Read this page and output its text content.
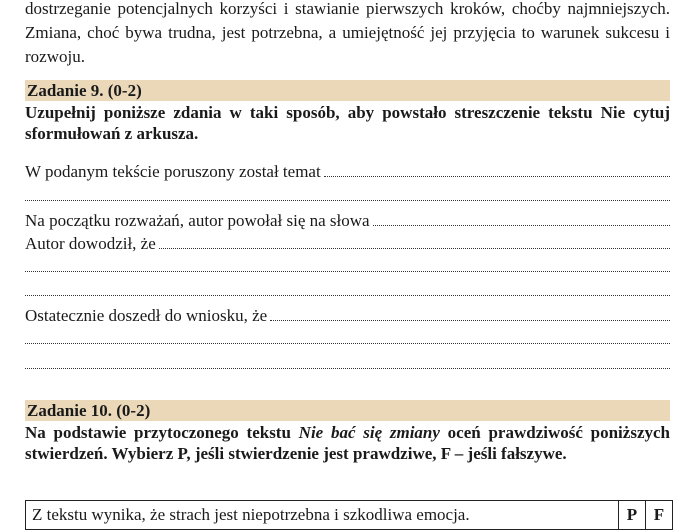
dostrzeganie potencjalnych korzyści i stawianie pierwszych kroków, choćby najmniejszych. Zmiana, choć bywa trudna, jest potrzebna, a umiejętność jej przyjęcia to warunek sukcesu i rozwoju.
Zadanie 9. (0-2)
Uzupełnij poniższe zdania w taki sposób, aby powstało streszczenie tekstu Nie cytuj sformułowań z arkusza.
W podanym tekście poruszony został temat
Na początku rozważań, autor powołał się na słowa
Autor dowodził, że
Ostatecznie doszedł do wniosku, że
Zadanie 10. (0-2)
Na podstawie przytoczonego tekstu Nie bać się zmiany oceń prawdziwość poniższych stwierdzeń. Wybierz P, jeśli stwierdzenie jest prawdziwe, F – jeśli fałszywe.
Z tekstu wynika, że strach jest niepotrzebna i szkodliwa emocja.	P	F
